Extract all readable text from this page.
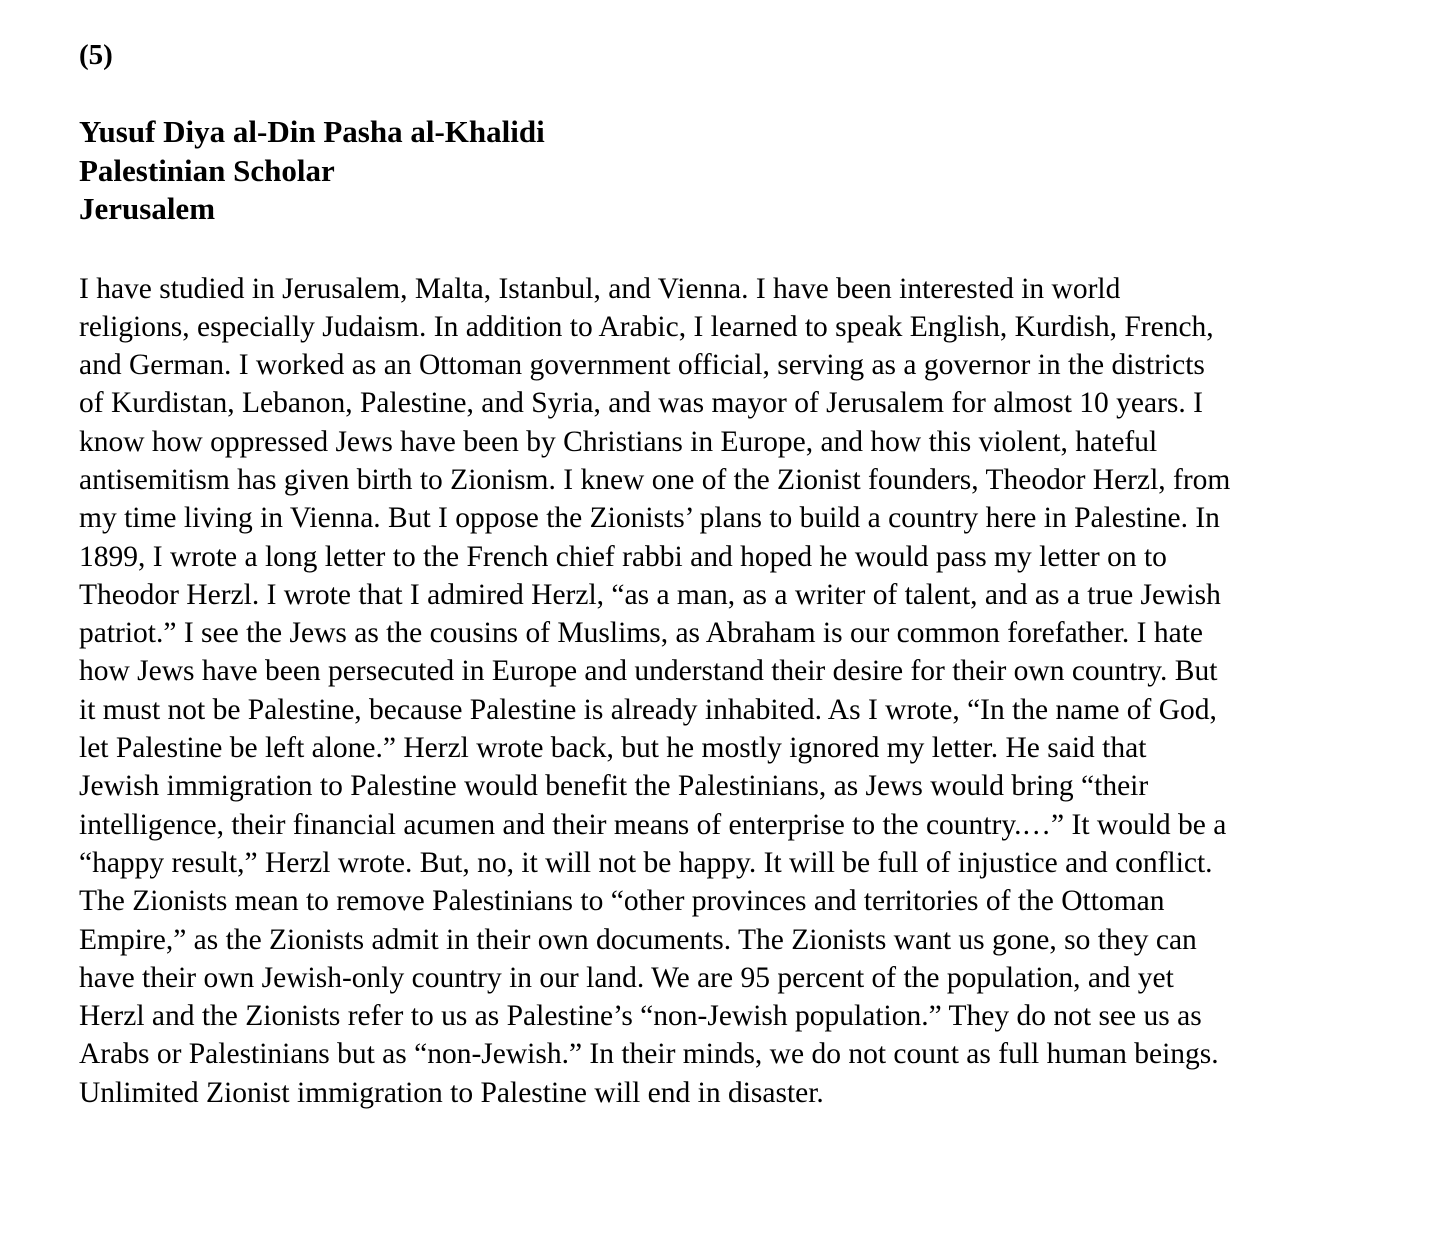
(5)

Yusuf Diya al-Din Pasha al-Khalidi
Palestinian Scholar
Jerusalem
I have studied in Jerusalem, Malta, Istanbul, and Vienna. I have been interested in world
religions, especially Judaism. In addition to Arabic, I learned to speak English, Kurdish, French,
and German. I worked as an Ottoman government official, serving as a governor in the districts
of Kurdistan, Lebanon, Palestine, and Syria, and was mayor of Jerusalem for almost 10 years. I
know how oppressed Jews have been by Christians in Europe, and how this violent, hateful
antisemitism has given birth to Zionism. I knew one of the Zionist founders, Theodor Herzl, from
my time living in Vienna. But I oppose the Zionists’ plans to build a country here in Palestine. In
1899, I wrote a long letter to the French chief rabbi and hoped he would pass my letter on to
Theodor Herzl. I wrote that I admired Herzl, “as a man, as a writer of talent, and as a true Jewish
patriot.” I see the Jews as the cousins of Muslims, as Abraham is our common forefather. I hate
how Jews have been persecuted in Europe and understand their desire for their own country. But
it must not be Palestine, because Palestine is already inhabited. As I wrote, “In the name of God,
let Palestine be left alone.” Herzl wrote back, but he mostly ignored my letter. He said that
Jewish immigration to Palestine would benefit the Palestinians, as Jews would bring “their
intelligence, their financial acumen and their means of enterprise to the country.…” It would be a
“happy result,” Herzl wrote. But, no, it will not be happy. It will be full of injustice and conflict.
The Zionists mean to remove Palestinians to “other provinces and territories of the Ottoman
Empire,” as the Zionists admit in their own documents. The Zionists want us gone, so they can
have their own Jewish-only country in our land. We are 95 percent of the population, and yet
Herzl and the Zionists refer to us as Palestine’s “non-Jewish population.” They do not see us as
Arabs or Palestinians but as “non-Jewish.” In their minds, we do not count as full human beings.
Unlimited Zionist immigration to Palestine will end in disaster.
